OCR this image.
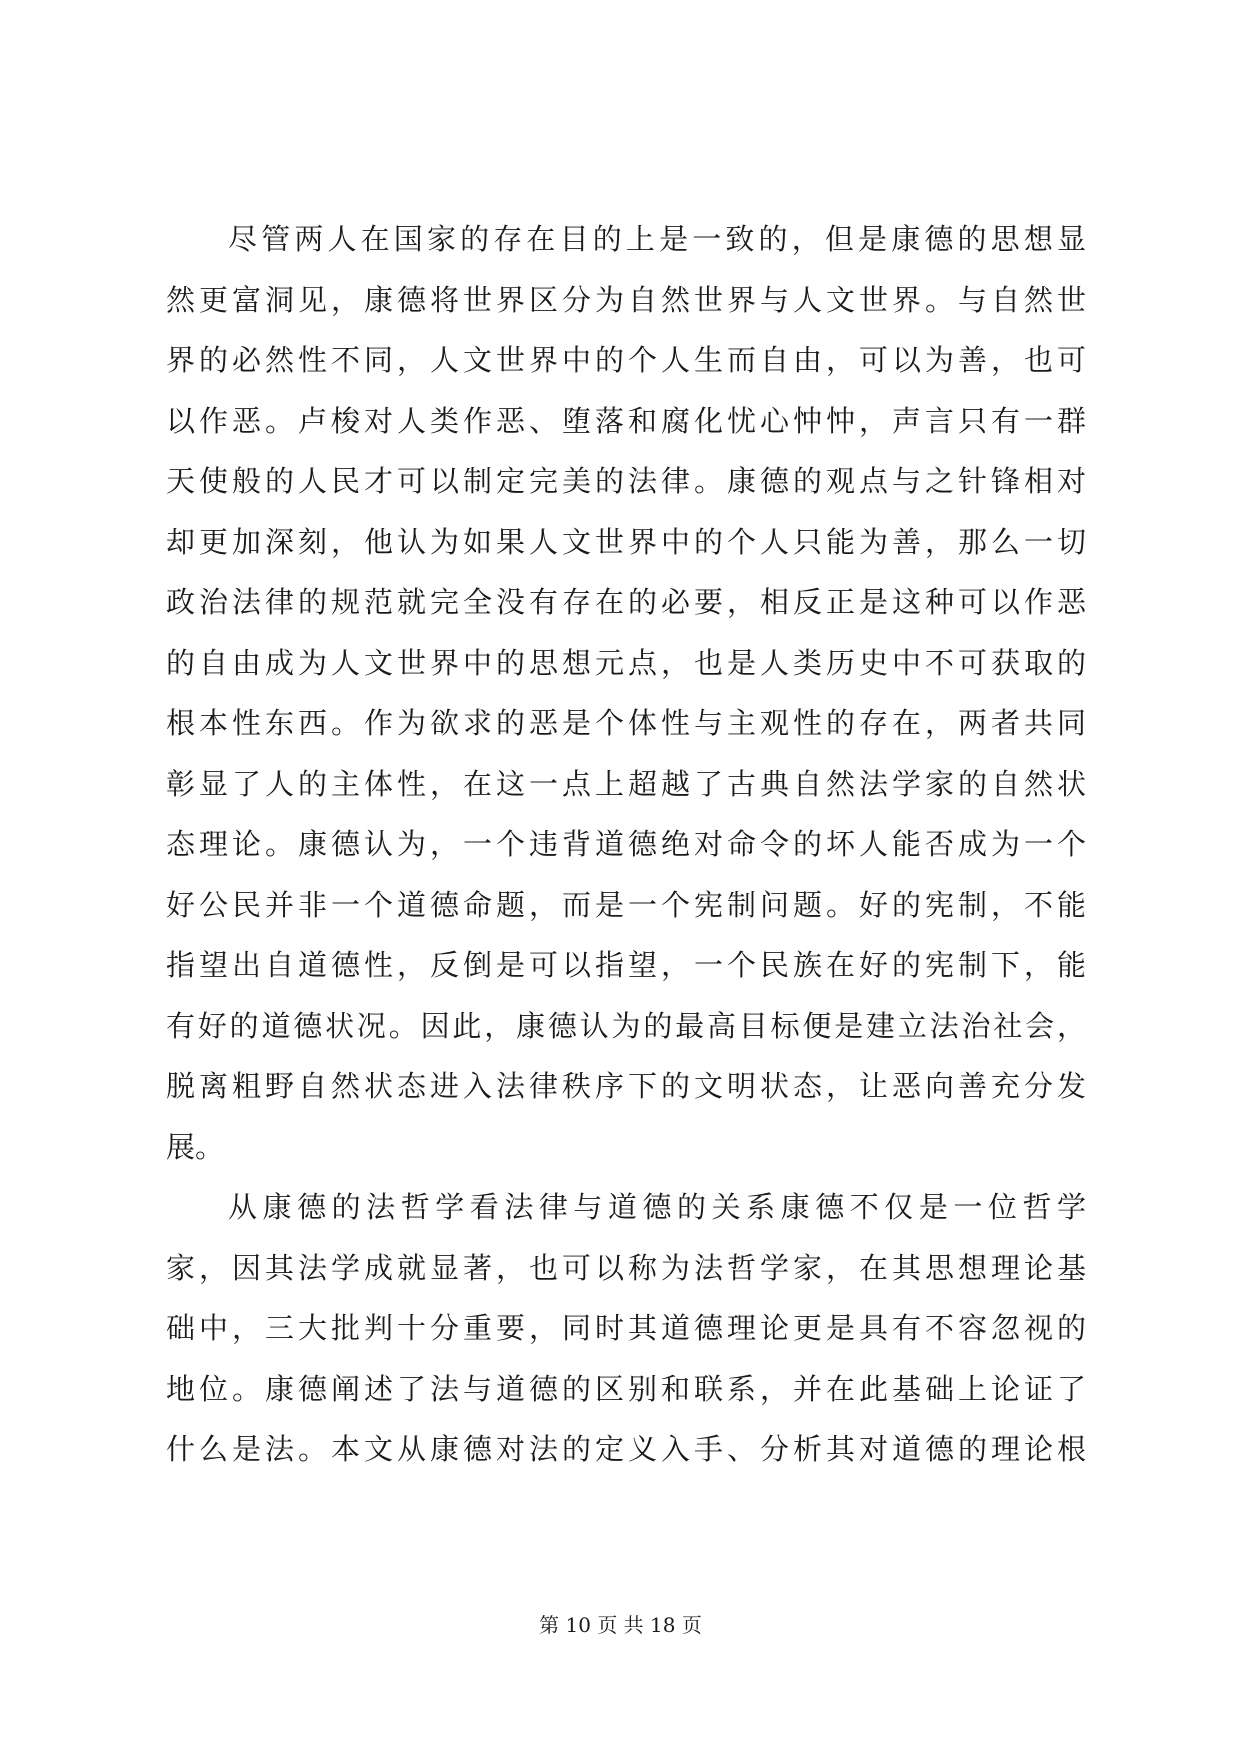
尽管两人在国家的存在目的上是一致的，但是康德的思想显
然更富洞见，康德将世界区分为自然世界与人文世界。与自然世
界的必然性不同，人文世界中的个人生而自由，可以为善，也可
以作恶。卢梭对人类作恶、堕落和腐化忧心忡忡，声言只有一群
天使般的人民才可以制定完美的法律。康德的观点与之针锋相对
却更加深刻，他认为如果人文世界中的个人只能为善，那么一切
政治法律的规范就完全没有存在的必要，相反正是这种可以作恶
的自由成为人文世界中的思想元点，也是人类历史中不可获取的
根本性东西。作为欲求的恶是个体性与主观性的存在，两者共同
彰显了人的主体性，在这一点上超越了古典自然法学家的自然状
态理论。康德认为，一个违背道德绝对命令的坏人能否成为一个
好公民并非一个道德命题，而是一个宪制问题。好的宪制，不能
指望出自道德性，反倒是可以指望，一个民族在好的宪制下，能
有好的道德状况。因此，康德认为的最高目标便是建立法治社会，
脱离粗野自然状态进入法律秩序下的文明状态，让恶向善充分发
展。
从康德的法哲学看法律与道德的关系康德不仅是一位哲学
家，因其法学成就显著，也可以称为法哲学家，在其思想理论基
础中，三大批判十分重要，同时其道德理论更是具有不容忽视的
地位。康德阐述了法与道德的区别和联系，并在此基础上论证了
什么是法。本文从康德对法的定义入手、分析其对道德的理论根
第 10 页 共 18 页
